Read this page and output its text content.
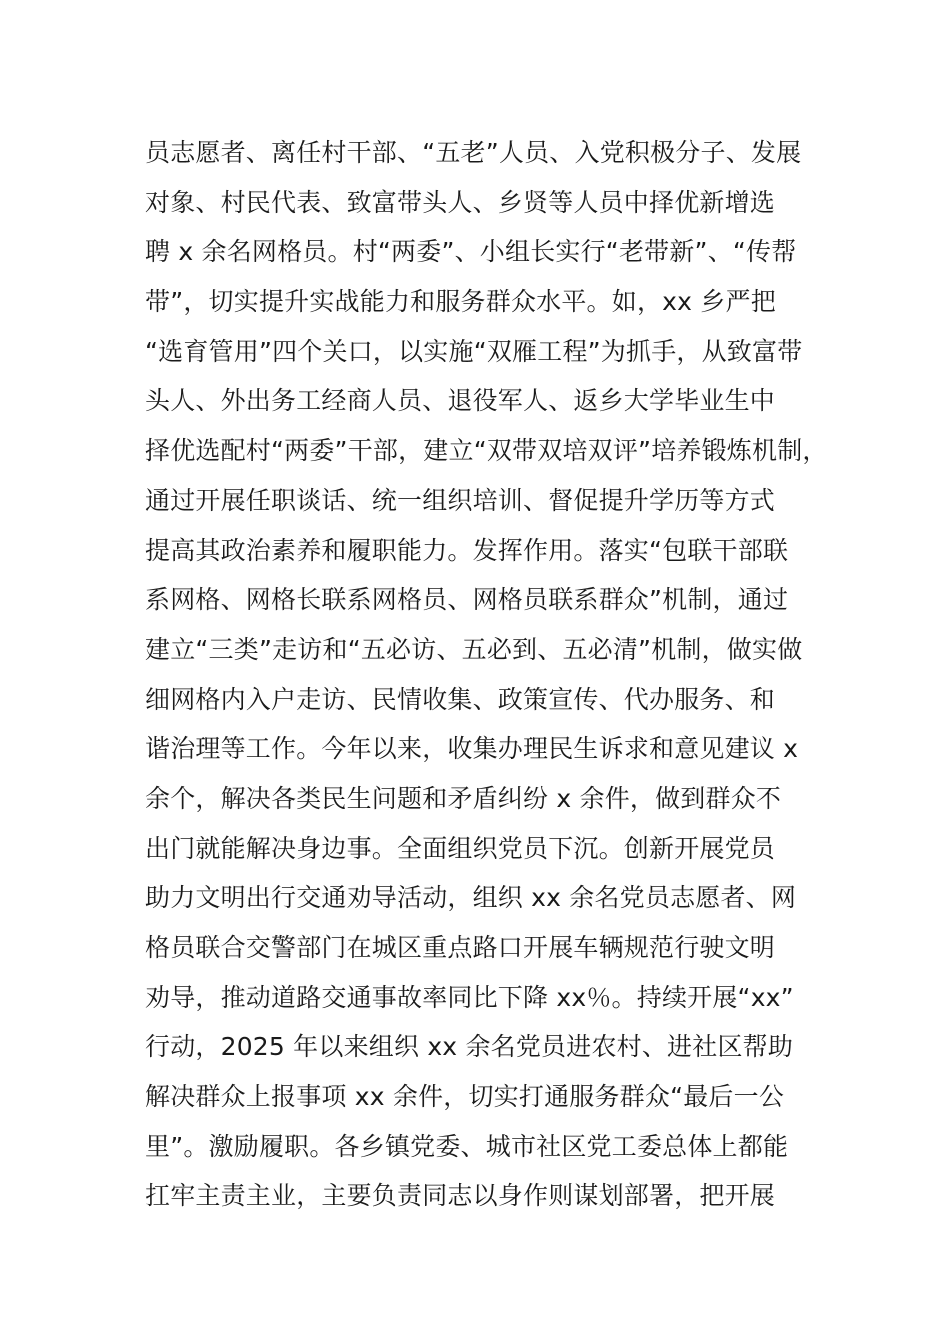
员志愿者、离任村干部、“五老”人员、入党积极分子、发展
对象、村民代表、致富带头人、乡贤等人员中择优新增选
聘 x 余名网格员。村“两委”、小组长实行“老带新”、“传帮
带”，切实提升实战能力和服务群众水平。如，xx 乡严把
“选育管用”四个关口，以实施“双雁工程”为抓手，从致富带
头人、外出务工经商人员、退役军人、返乡大学毕业生中
择优选配村“两委”干部，建立“双带双培双评”培养锻炼机制，
通过开展任职谈话、统一组织培训、督促提升学历等方式
提高其政治素养和履职能力。发挥作用。落实“包联干部联
系网格、网格长联系网格员、网格员联系群众”机制，通过
建立“三类”走访和“五必访、五必到、五必清”机制，做实做
细网格内入户走访、民情收集、政策宣传、代办服务、和
谐治理等工作。今年以来，收集办理民生诉求和意见建议 x
余个，解决各类民生问题和矛盾纠纷 x 余件，做到群众不
出门就能解决身边事。全面组织党员下沉。创新开展党员
助力文明出行交通劝导活动，组织 xx 余名党员志愿者、网
格员联合交警部门在城区重点路口开展车辆规范行驶文明
劝导，推动道路交通事故率同比下降 xx％。持续开展“xx”
行动，2025 年以来组织 xx 余名党员进农村、进社区帮助
解决群众上报事项 xx 余件，切实打通服务群众“最后一公
里”。激励履职。各乡镇党委、城市社区党工委总体上都能
扛牢主责主业，主要负责同志以身作则谋划部署，把开展
